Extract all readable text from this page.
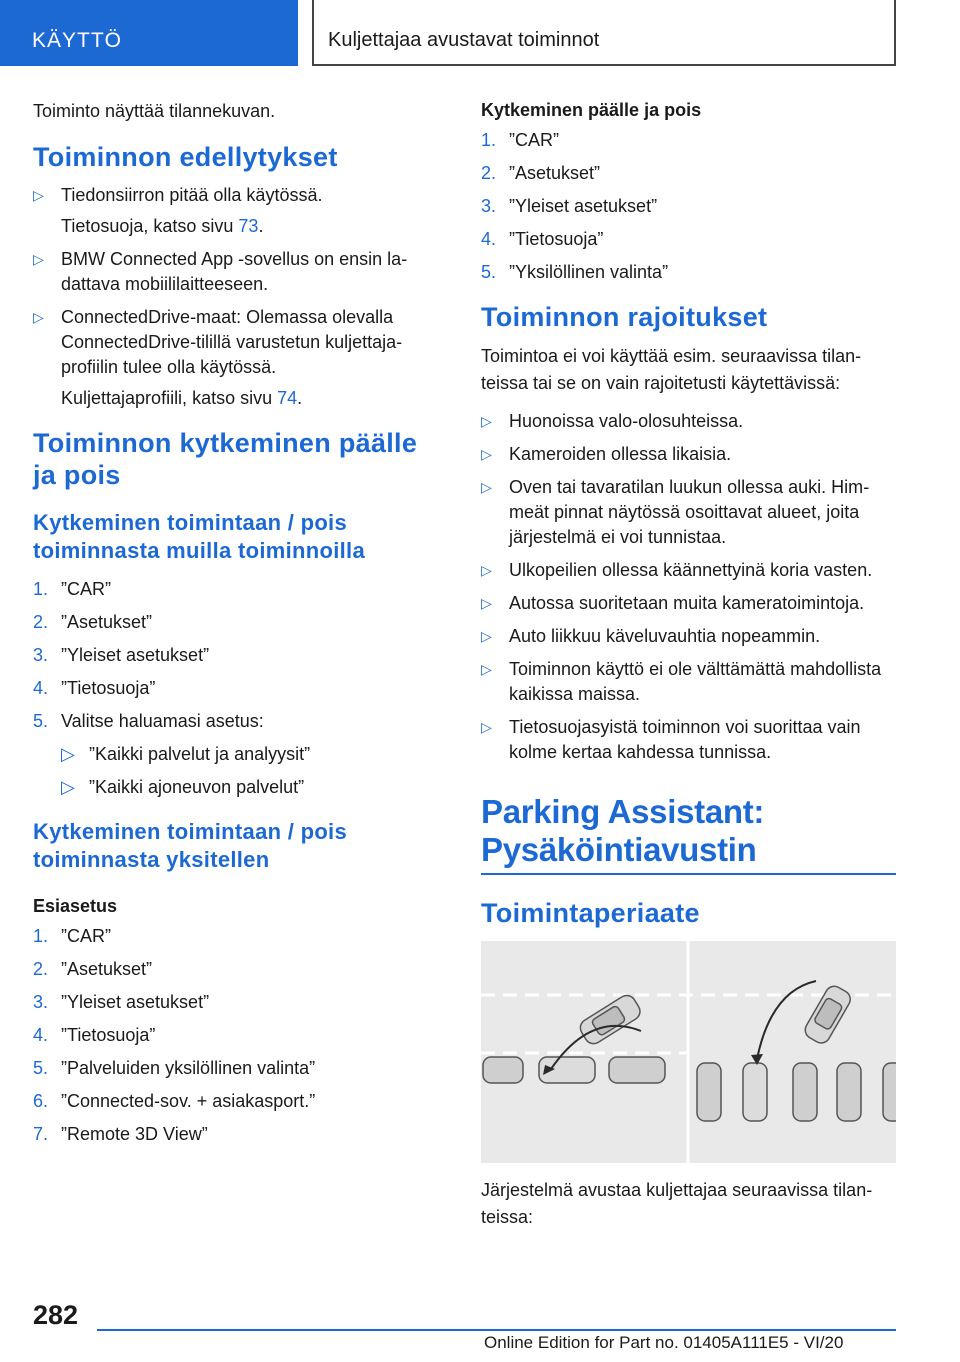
KÄYTTÖ	Kuljettajaa avustavat toiminnot

Toiminto näyttää tilannekuvan.

Toiminnon edellytykset
▷ Tiedonsiirron pitää olla käytössä.
Tietosuoja, katso sivu 73.
▷ BMW Connected App -sovellus on ensin ladattava mobiililaitteeseen.
▷ ConnectedDrive-maat: Olemassa olevalla ConnectedDrive-tilillä varustetun kuljettajaprofiilin tulee olla käytössä.
Kuljettajaprofiili, katso sivu 74.
Toiminnon kytkeminen päälle ja pois
Kytkeminen toimintaan / pois toiminnasta muilla toiminnoilla
1. ”CAR”
2. ”Asetukset”
3. ”Yleiset asetukset”
4. ”Tietosuoja”
5. Valitse haluamasi asetus:
▷ ”Kaikki palvelut ja analyysit”
▷ ”Kaikki ajoneuvon palvelut”
Kytkeminen toimintaan / pois toiminnasta yksitellen
Esiasetus
1. ”CAR”
2. ”Asetukset”
3. ”Yleiset asetukset”
4. ”Tietosuoja”
5. ”Palveluiden yksilöllinen valinta”
6. ”Connected-sov. + asiakasport.”
7. ”Remote 3D View”
Kytkeminen päälle ja pois
1. ”CAR”
2. ”Asetukset”
3. ”Yleiset asetukset”
4. ”Tietosuoja”
5. ”Yksilöllinen valinta”
Toiminnon rajoitukset

Toimintoa ei voi käyttää esim. seuraavissa tilanteissa tai se on vain rajoitetusti käytettävissä:

▷ Huonoissa valo-olosuhteissa.
▷ Kameroiden ollessa likaisia.
▷ Oven tai tavaratilan luukun ollessa auki. Himmeät pinnat näytössä osoittavat alueet, joita järjestelmä ei voi tunnistaa.
▷ Ulkopeilien ollessa käännettyinä koria vasten.
▷ Autossa suoritetaan muita kameratoimintoja.
▷ Auto liikkuu käveluvauhtia nopeammin.
▷ Toiminnon käyttö ei ole välttämättä mahdollista kaikissa maissa.
▷ Tietosuojasyistä toiminnon voi suorittaa vain kolme kertaa kahdessa tunnissa.
Parking Assistant: Pysäköintiavustin
Toimintaperiaate

Järjestelmä avustaa kuljettajaa seuraavissa tilanteissa:

282
Online Edition for Part no. 01405A111E5 - VI/20
